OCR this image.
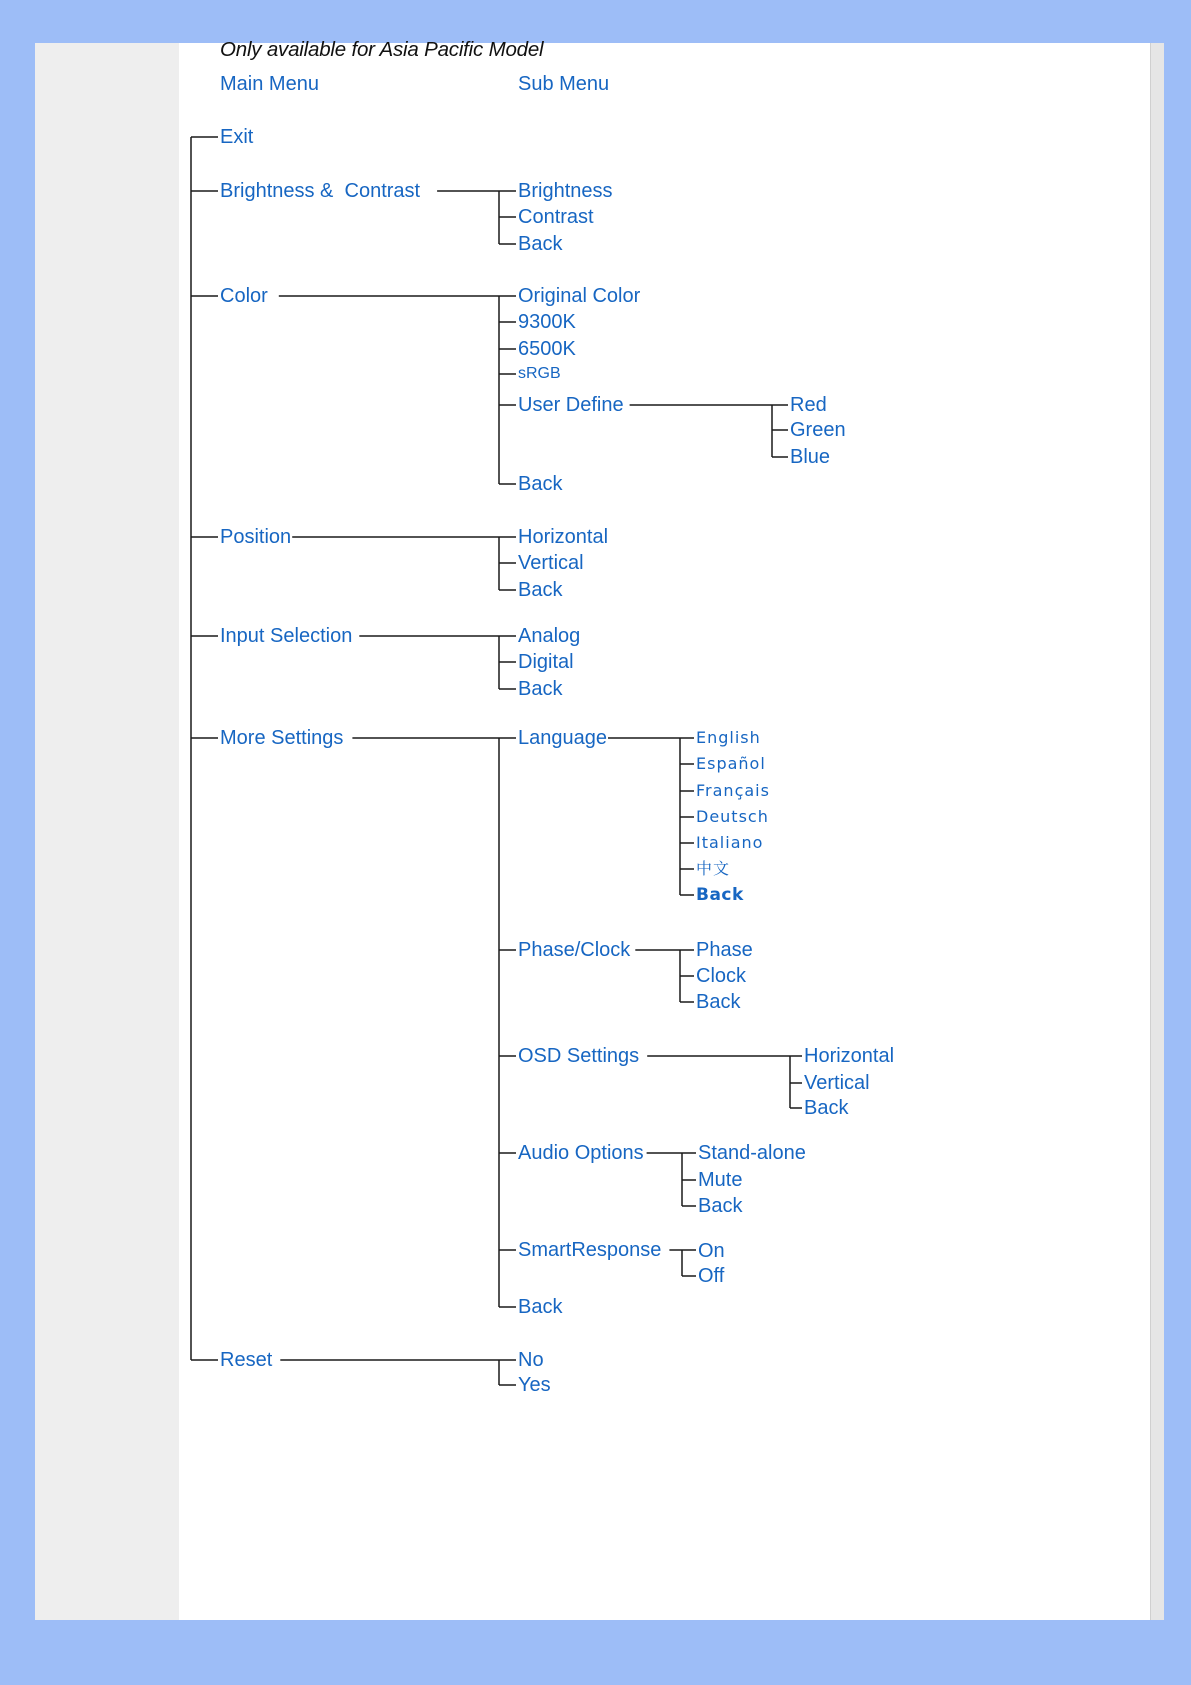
Only available for Asia Pacific Model
Main Menu	Sub Menu
Exit
Brightness &  Contrast
Color
Position
Input Selection
More Settings
Reset
Brightness
Contrast
Back
Original Color
9300K
6500K
sRGB
User Define
Back
Red
Green
Blue
Horizontal
Vertical
Back
Analog
Digital
Back
Language
Phase/Clock
OSD Settings
Audio Options
SmartResponse
Back
English
Español
Français
Deutsch
Italiano
中文
Back
Phase
Clock
Back
Horizontal
Vertical
Back
Stand-alone
Mute
Back
On
Off
No
Yes
